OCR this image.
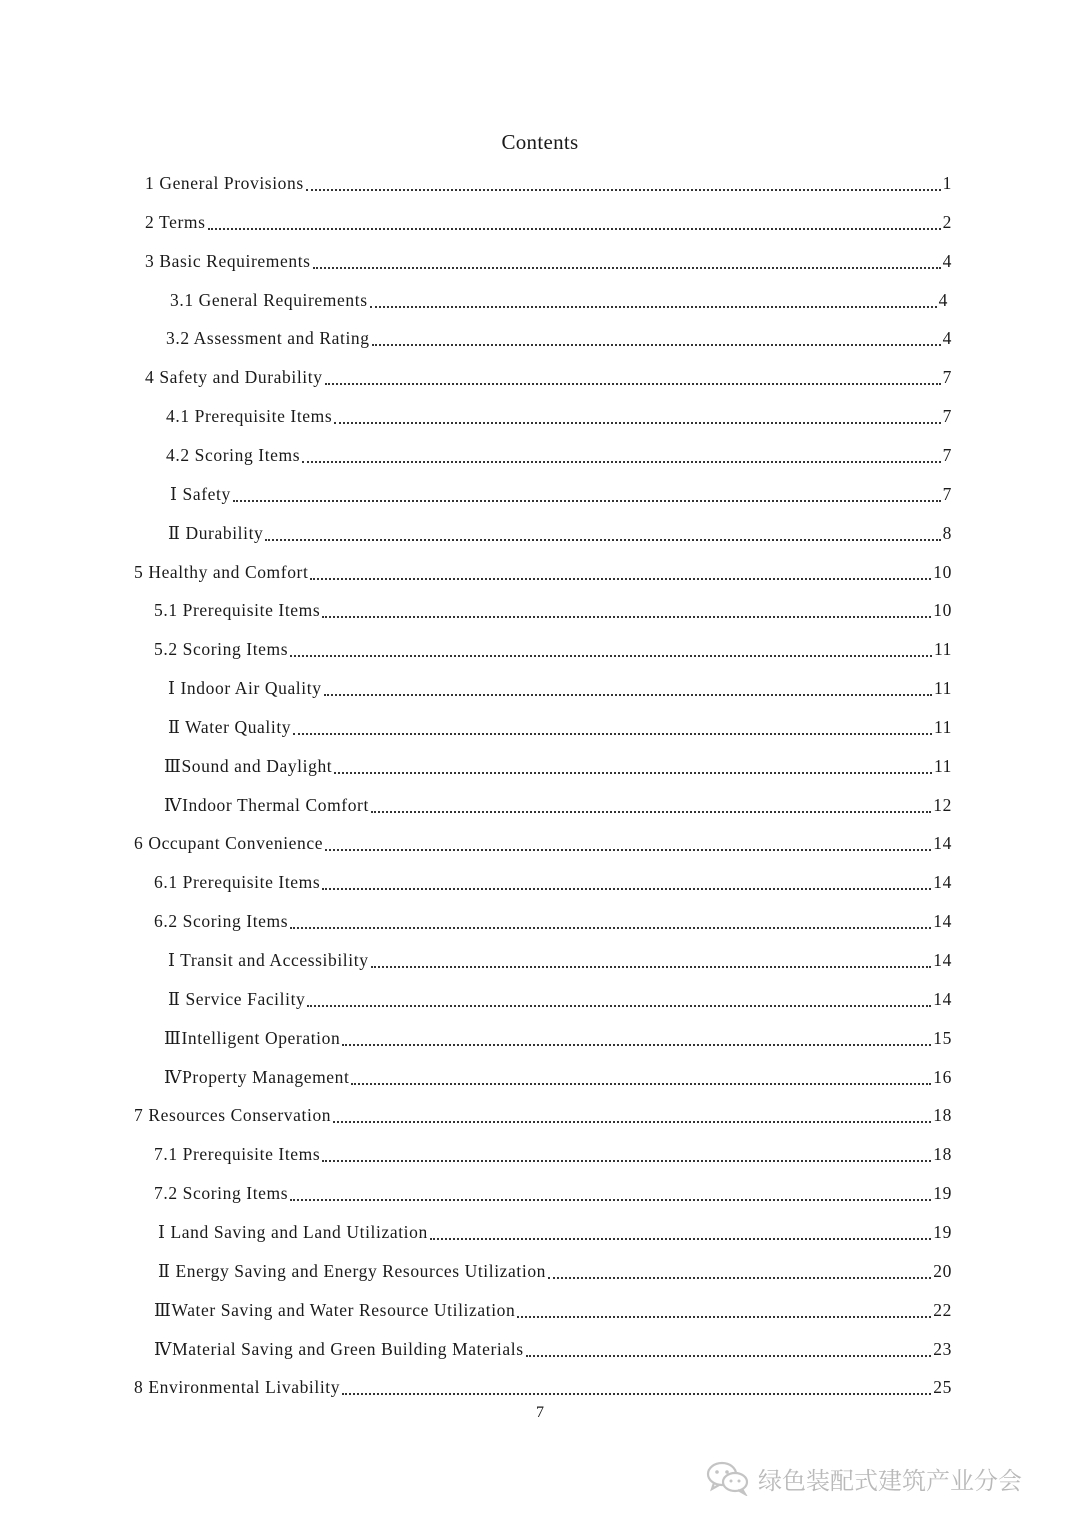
Contents
1 General Provisions	1
2 Terms	2
3 Basic Requirements	4
3.1 General Requirements	4
3.2 Assessment and Rating	4
4 Safety and Durability	7
4.1 Prerequisite Items	7
4.2 Scoring Items	7
Ⅰ Safety	7
Ⅱ Durability	8
5 Healthy and Comfort	10
5.1 Prerequisite Items	10
5.2 Scoring Items	11
Ⅰ Indoor Air Quality	11
Ⅱ Water Quality	11
ⅢSound and Daylight	11
ⅣIndoor Thermal Comfort	12
6 Occupant Convenience	14
6.1 Prerequisite Items	14
6.2 Scoring Items	14
Ⅰ Transit and Accessibility	14
Ⅱ Service Facility	14
ⅢIntelligent Operation	15
ⅣProperty Management	16
7 Resources Conservation	18
7.1 Prerequisite Items	18
7.2 Scoring Items	19
Ⅰ Land Saving and Land Utilization	19
Ⅱ Energy Saving and Energy Resources Utilization	20
ⅢWater Saving and Water Resource Utilization	22
ⅣMaterial Saving and Green Building Materials	23
8 Environmental Livability	25
7
绿色装配式建筑产业分会
